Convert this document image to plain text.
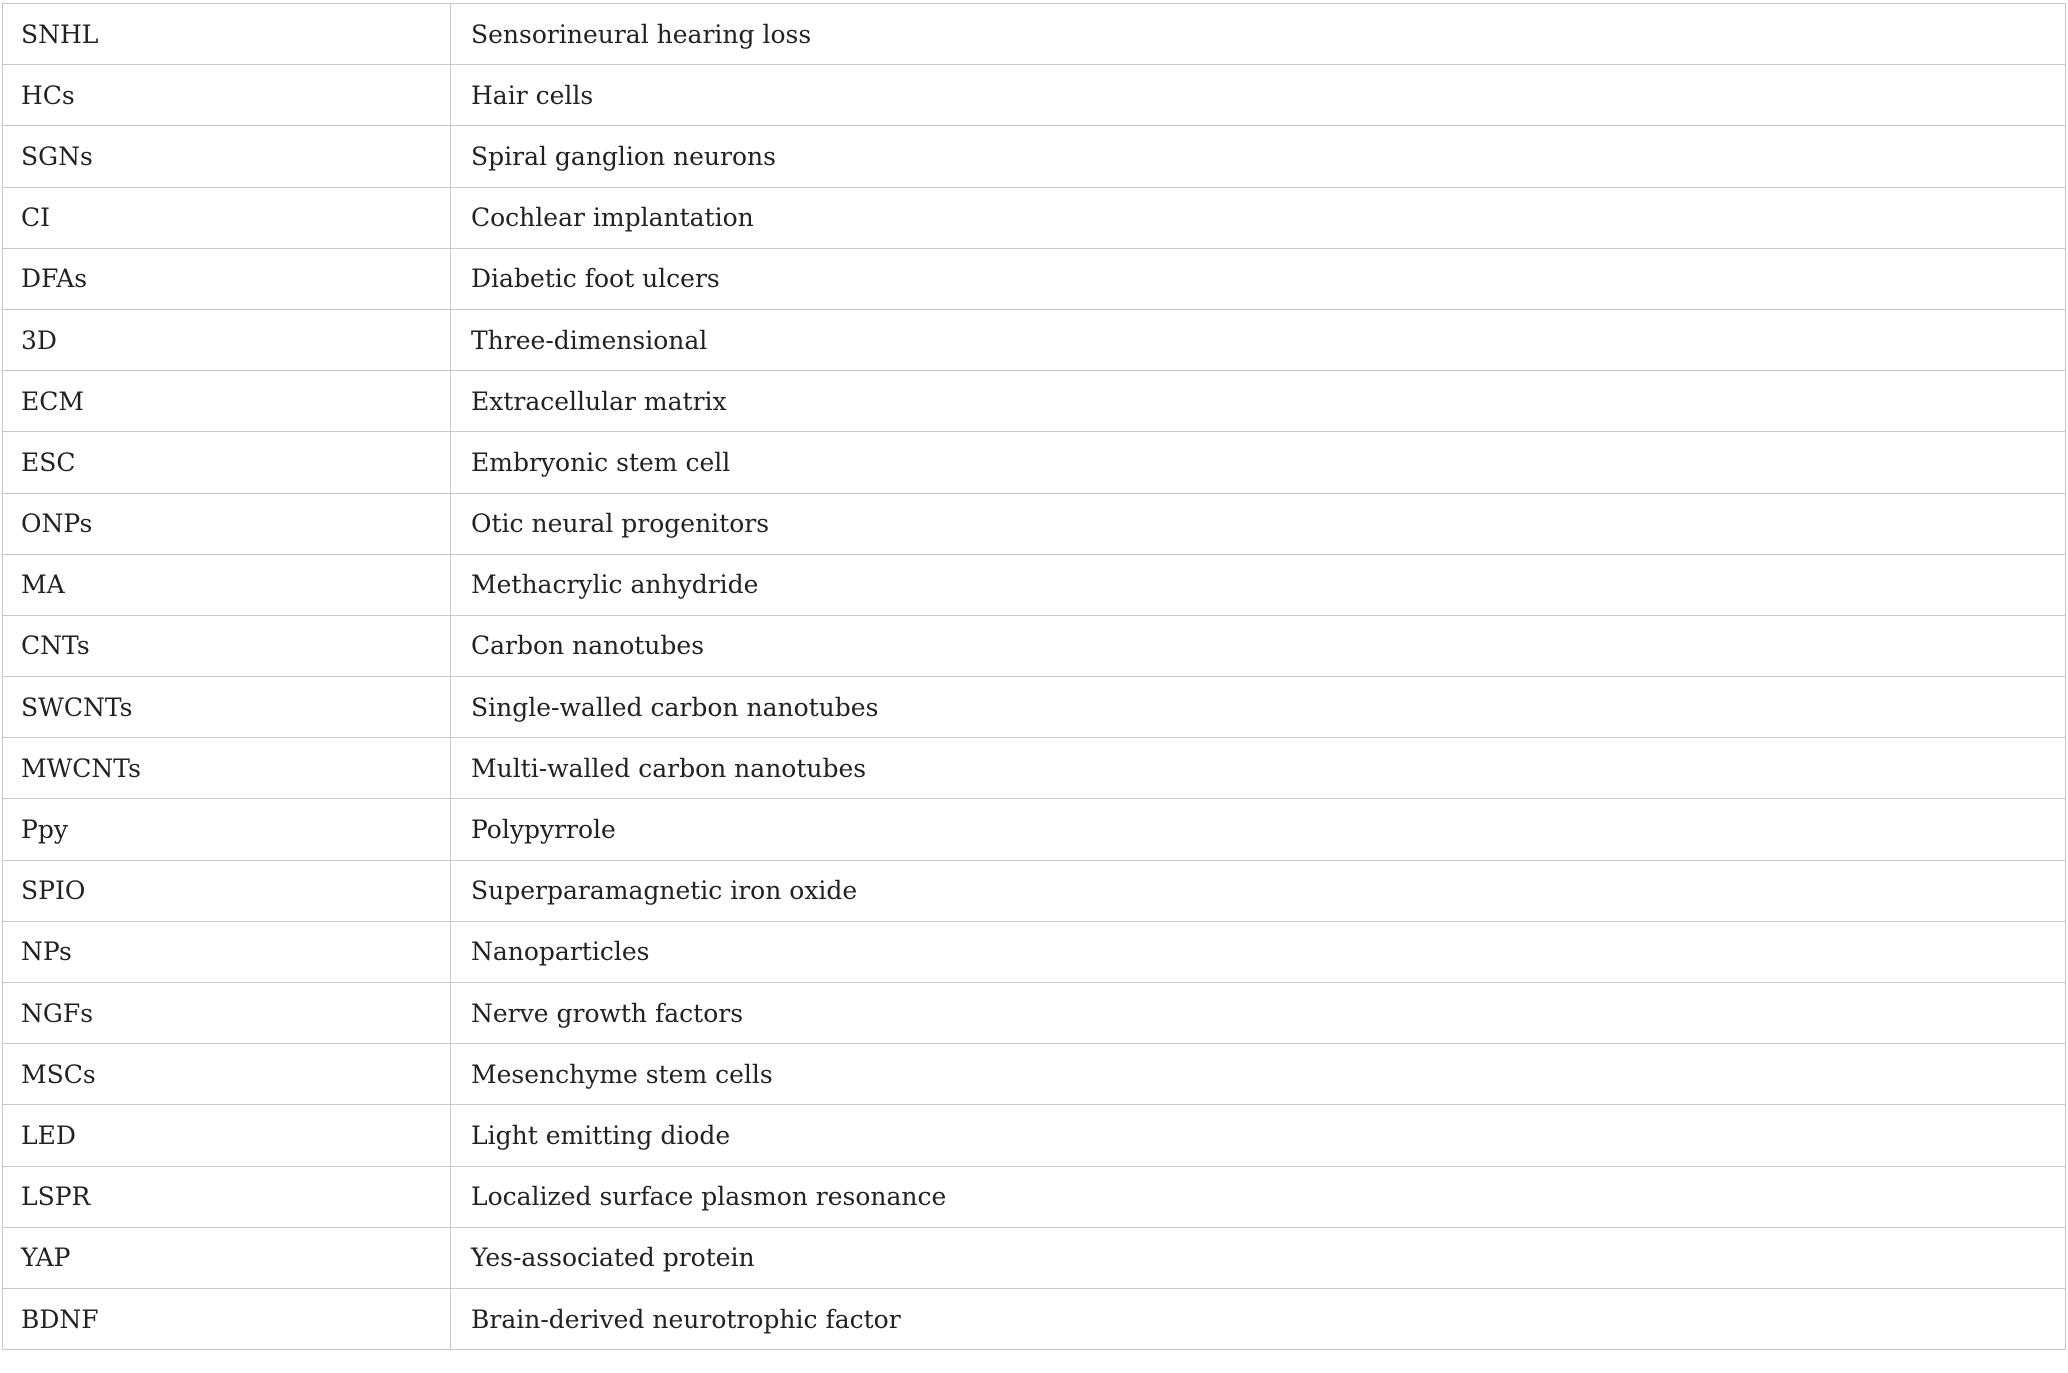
SNHL	Sensorineural hearing loss
HCs	Hair cells
SGNs	Spiral ganglion neurons
CI	Cochlear implantation
DFAs	Diabetic foot ulcers
3D	Three-dimensional
ECM	Extracellular matrix
ESC	Embryonic stem cell
ONPs	Otic neural progenitors
MA	Methacrylic anhydride
CNTs	Carbon nanotubes
SWCNTs	Single-walled carbon nanotubes
MWCNTs	Multi-walled carbon nanotubes
Ppy	Polypyrrole
SPIO	Superparamagnetic iron oxide
NPs	Nanoparticles
NGFs	Nerve growth factors
MSCs	Mesenchyme stem cells
LED	Light emitting diode
LSPR	Localized surface plasmon resonance
YAP	Yes-associated protein
BDNF	Brain-derived neurotrophic factor
